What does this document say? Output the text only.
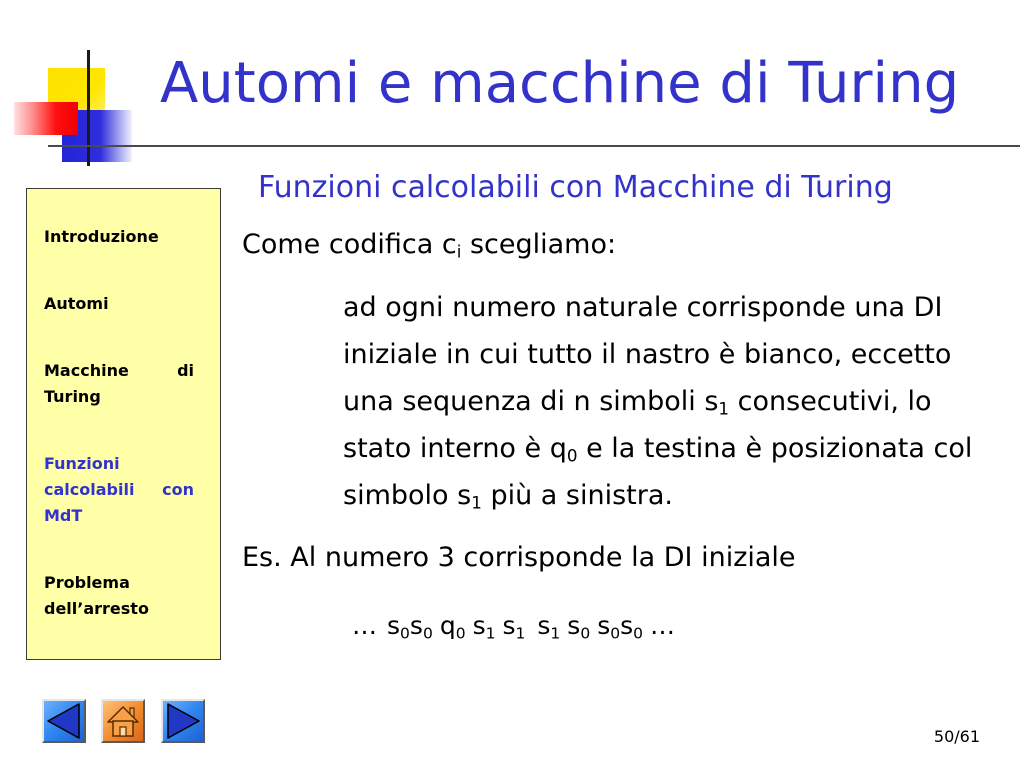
Automi e macchine di Turing
Funzioni calcolabili con Macchine di Turing
Introduzione
Automi
Macchine di Turing
Funzioni calcolabili con MdT
Problema dell’arresto
Come codifica $c_i$ scegliamo:
ad ogni numero naturale corrisponde una DI
iniziale in cui tutto il nastro è bianco, eccetto
una sequenza di n simboli $s_1$ consecutivi, lo
stato interno è $q_0$ e la testina è posizionata col
simbolo $s_1$ più a sinistra.
Es. Al numero 3 corrisponde la DI iniziale
… $s_0s_0$ $q_0$ $s_1$ $s_1$ $s_1$ $s_0$ $s_0s_0$ …
50/61
